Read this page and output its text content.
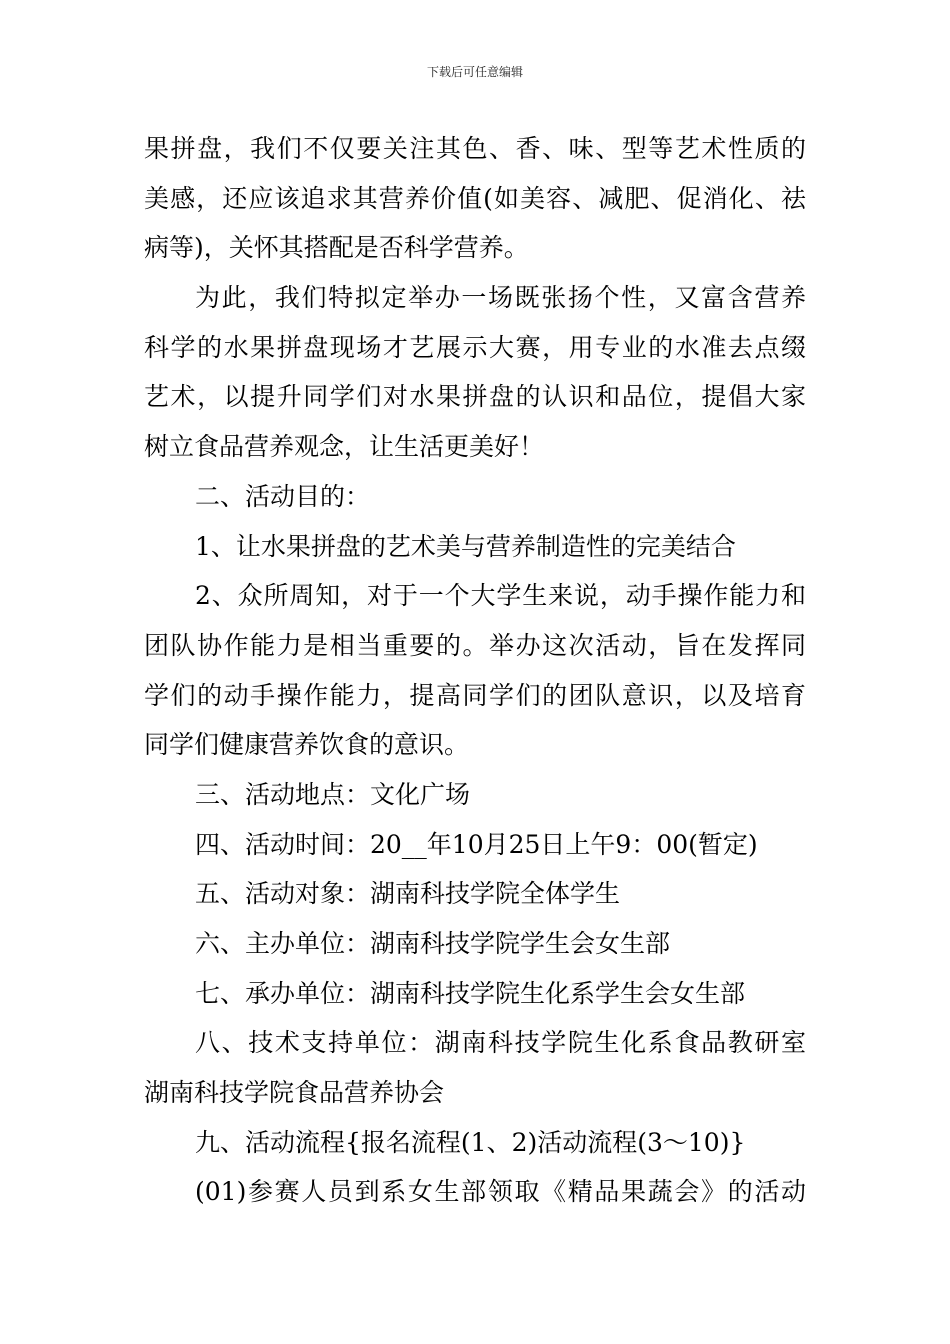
下载后可任意编辑
果拼盘，我们不仅要关注其色、香、味、型等艺术性质的
美感，还应该追求其营养价值(如美容、减肥、促消化、祛
病等)，关怀其搭配是否科学营养。
为此，我们特拟定举办一场既张扬个性，又富含营养
科学的水果拼盘现场才艺展示大赛，用专业的水准去点缀
艺术，以提升同学们对水果拼盘的认识和品位，提倡大家
树立食品营养观念，让生活更美好！
二、活动目的：
1、让水果拼盘的艺术美与营养制造性的完美结合
2、众所周知，对于一个大学生来说，动手操作能力和
团队协作能力是相当重要的。举办这次活动，旨在发挥同
学们的动手操作能力，提高同学们的团队意识，以及培育
同学们健康营养饮食的意识。
三、活动地点：文化广场
四、活动时间：20__年10月25日上午9：00(暂定)
五、活动对象：湖南科技学院全体学生
六、主办单位：湖南科技学院学生会女生部
七、承办单位：湖南科技学院生化系学生会女生部
八、技术支持单位：湖南科技学院生化系食品教研室
湖南科技学院食品营养协会
九、活动流程{报名流程(1、2)活动流程(3～10)}
(01)参赛人员到系女生部领取《精品果蔬会》的活动
